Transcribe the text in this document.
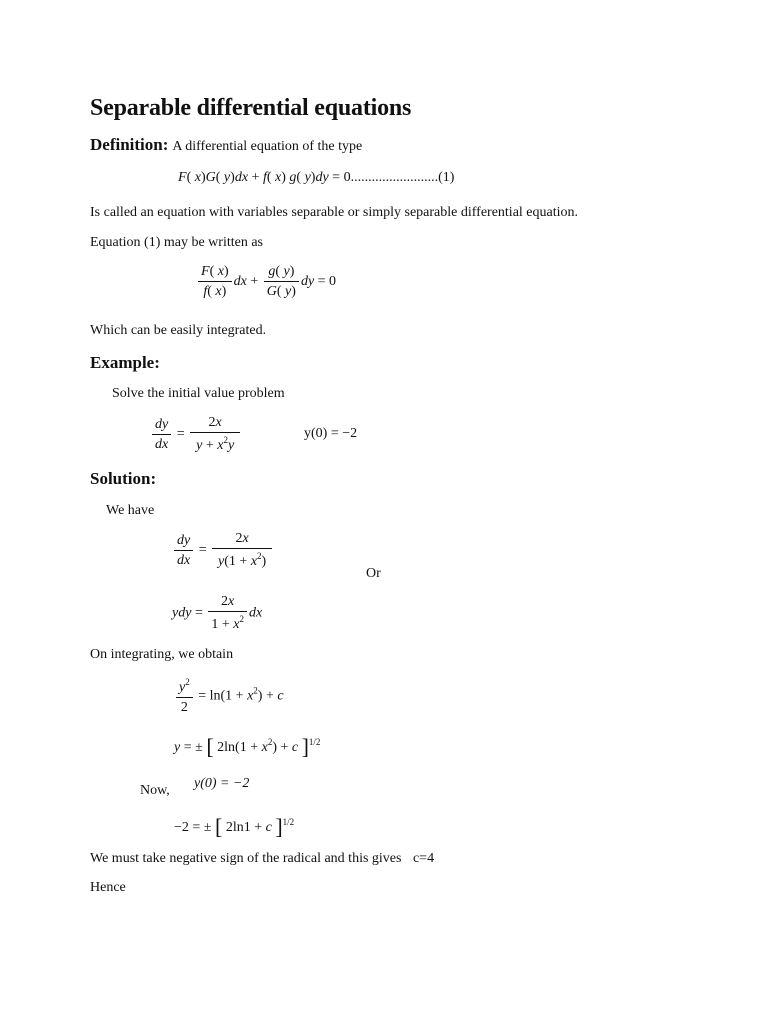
Separable differential equations
Definition: A differential equation of the type
F( x)G( y)dx + f( x) g( y)dy = 0.........................(1)
Is called an equation with variables separable or simply separable differential equation.
Equation (1) may be written as
$\frac{F( x)}{f( x)}$ dx + $\frac{g( y)}{G( y)}$ dy = 0
Which can be easily integrated.
Example:
Solve the initial value problem
$\frac{dy}{dx} = \frac{2x}{y + x^2y}$	y(0) = −2
Solution:
We have
$\frac{dy}{dx} = \frac{2x}{y(1 + x^2)}$
Or
ydy = $\frac{2x}{1 + x^2}$ dx
On integrating, we obtain
$\frac{y^2}{2} = \ln(1 + x^2) + c$
y = ± [ $2\ln(1 + x^2) + c$ ]$^{1/2}$
Now, y(0) = −2
−2 = ± [ 2ln1 + c ]$^{1/2}$
We must take negative sign of the radical and this gives c=4
Hence
